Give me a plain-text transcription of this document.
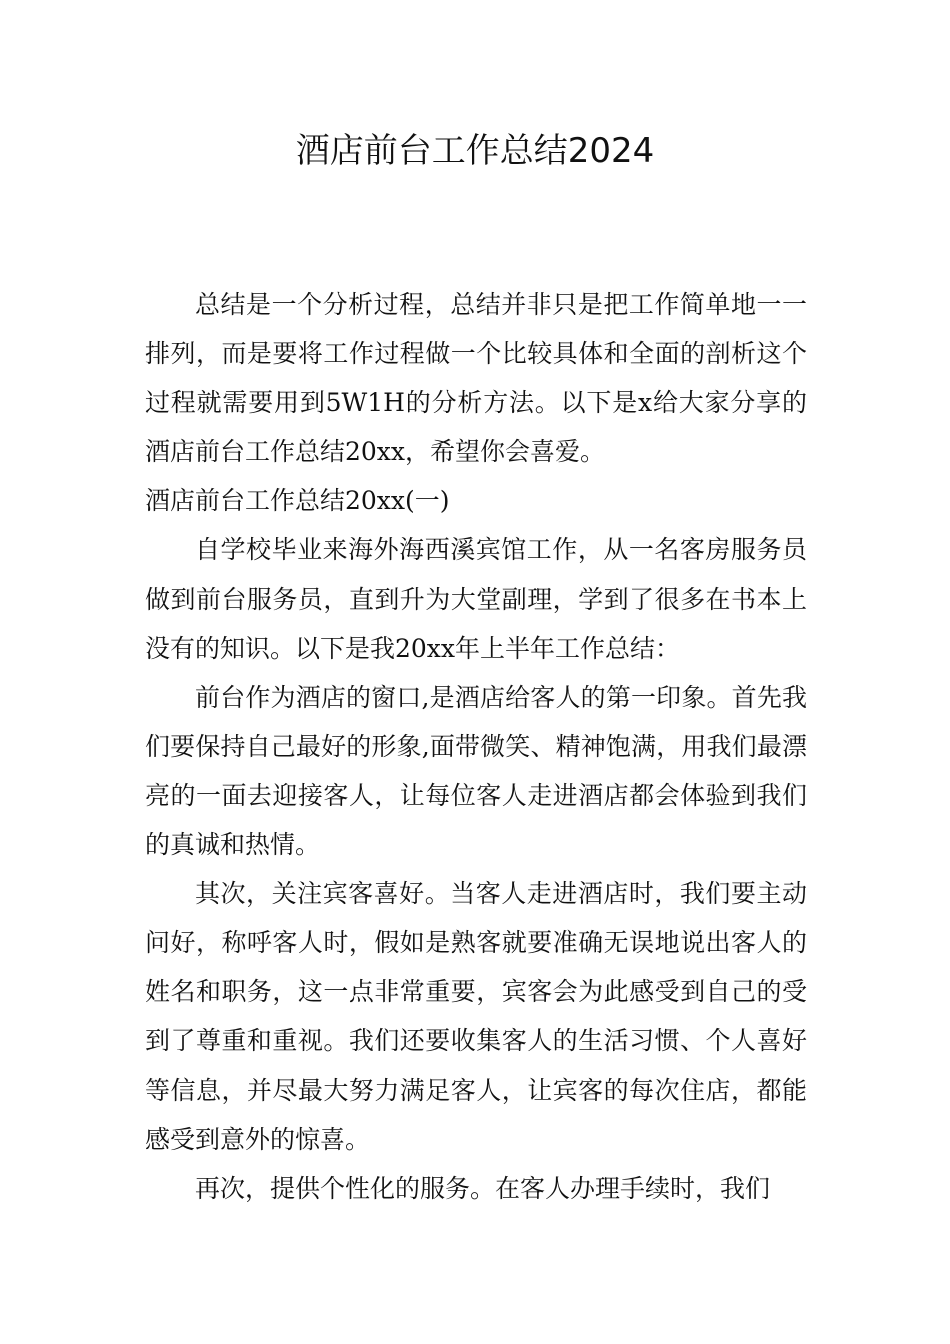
酒店前台工作总结2024

总结是一个分析过程，总结并非只是把工作简单地一一排列，而是要将工作过程做一个比较具体和全面的剖析这个过程就需要用到5W1H的分析方法。以下是x给大家分享的酒店前台工作总结20xx，希望你会喜爱。

酒店前台工作总结20xx(一)

自学校毕业来海外海西溪宾馆工作，从一名客房服务员做到前台服务员，直到升为大堂副理，学到了很多在书本上没有的知识。以下是我20xx年上半年工作总结：

前台作为酒店的窗口,是酒店给客人的第一印象。首先我们要保持自己最好的形象,面带微笑、精神饱满，用我们最漂亮的一面去迎接客人，让每位客人走进酒店都会体验到我们的真诚和热情。

其次，关注宾客喜好。当客人走进酒店时，我们要主动问好，称呼客人时，假如是熟客就要准确无误地说出客人的姓名和职务，这一点非常重要，宾客会为此感受到自己的受到了尊重和重视。我们还要收集客人的生活习惯、个人喜好等信息，并尽最大努力满足客人，让宾客的每次住店，都能感受到意外的惊喜。

再次，提供个性化的服务。在客人办理手续时，我们
